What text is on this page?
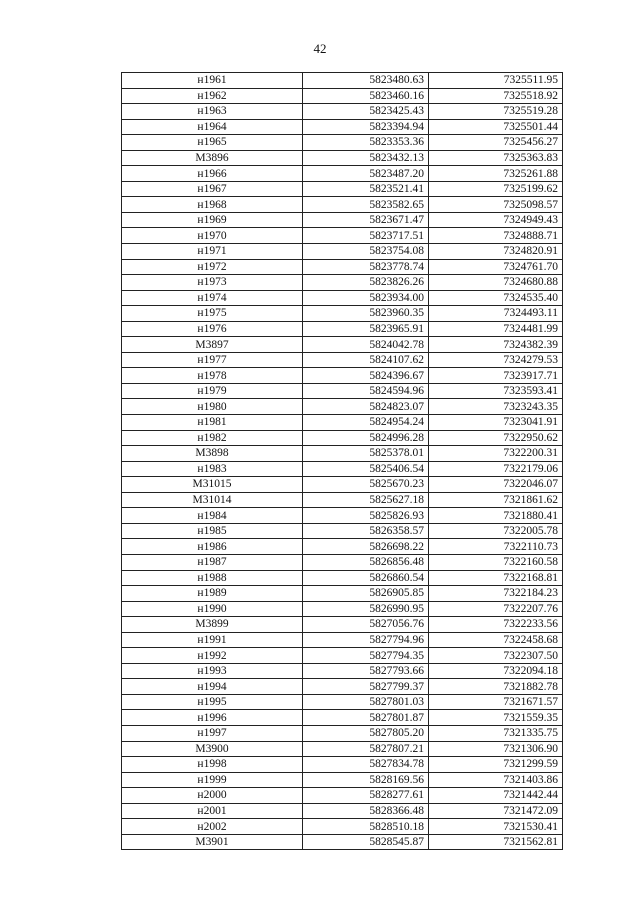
42
н1961	5823480.63	7325511.95
н1962	5823460.16	7325518.92
н1963	5823425.43	7325519.28
н1964	5823394.94	7325501.44
н1965	5823353.36	7325456.27
М3896	5823432.13	7325363.83
н1966	5823487.20	7325261.88
н1967	5823521.41	7325199.62
н1968	5823582.65	7325098.57
н1969	5823671.47	7324949.43
н1970	5823717.51	7324888.71
н1971	5823754.08	7324820.91
н1972	5823778.74	7324761.70
н1973	5823826.26	7324680.88
н1974	5823934.00	7324535.40
н1975	5823960.35	7324493.11
н1976	5823965.91	7324481.99
М3897	5824042.78	7324382.39
н1977	5824107.62	7324279.53
н1978	5824396.67	7323917.71
н1979	5824594.96	7323593.41
н1980	5824823.07	7323243.35
н1981	5824954.24	7323041.91
н1982	5824996.28	7322950.62
М3898	5825378.01	7322200.31
н1983	5825406.54	7322179.06
М31015	5825670.23	7322046.07
М31014	5825627.18	7321861.62
н1984	5825826.93	7321880.41
н1985	5826358.57	7322005.78
н1986	5826698.22	7322110.73
н1987	5826856.48	7322160.58
н1988	5826860.54	7322168.81
н1989	5826905.85	7322184.23
н1990	5826990.95	7322207.76
М3899	5827056.76	7322233.56
н1991	5827794.96	7322458.68
н1992	5827794.35	7322307.50
н1993	5827793.66	7322094.18
н1994	5827799.37	7321882.78
н1995	5827801.03	7321671.57
н1996	5827801.87	7321559.35
н1997	5827805.20	7321335.75
М3900	5827807.21	7321306.90
н1998	5827834.78	7321299.59
н1999	5828169.56	7321403.86
н2000	5828277.61	7321442.44
н2001	5828366.48	7321472.09
н2002	5828510.18	7321530.41
М3901	5828545.87	7321562.81
